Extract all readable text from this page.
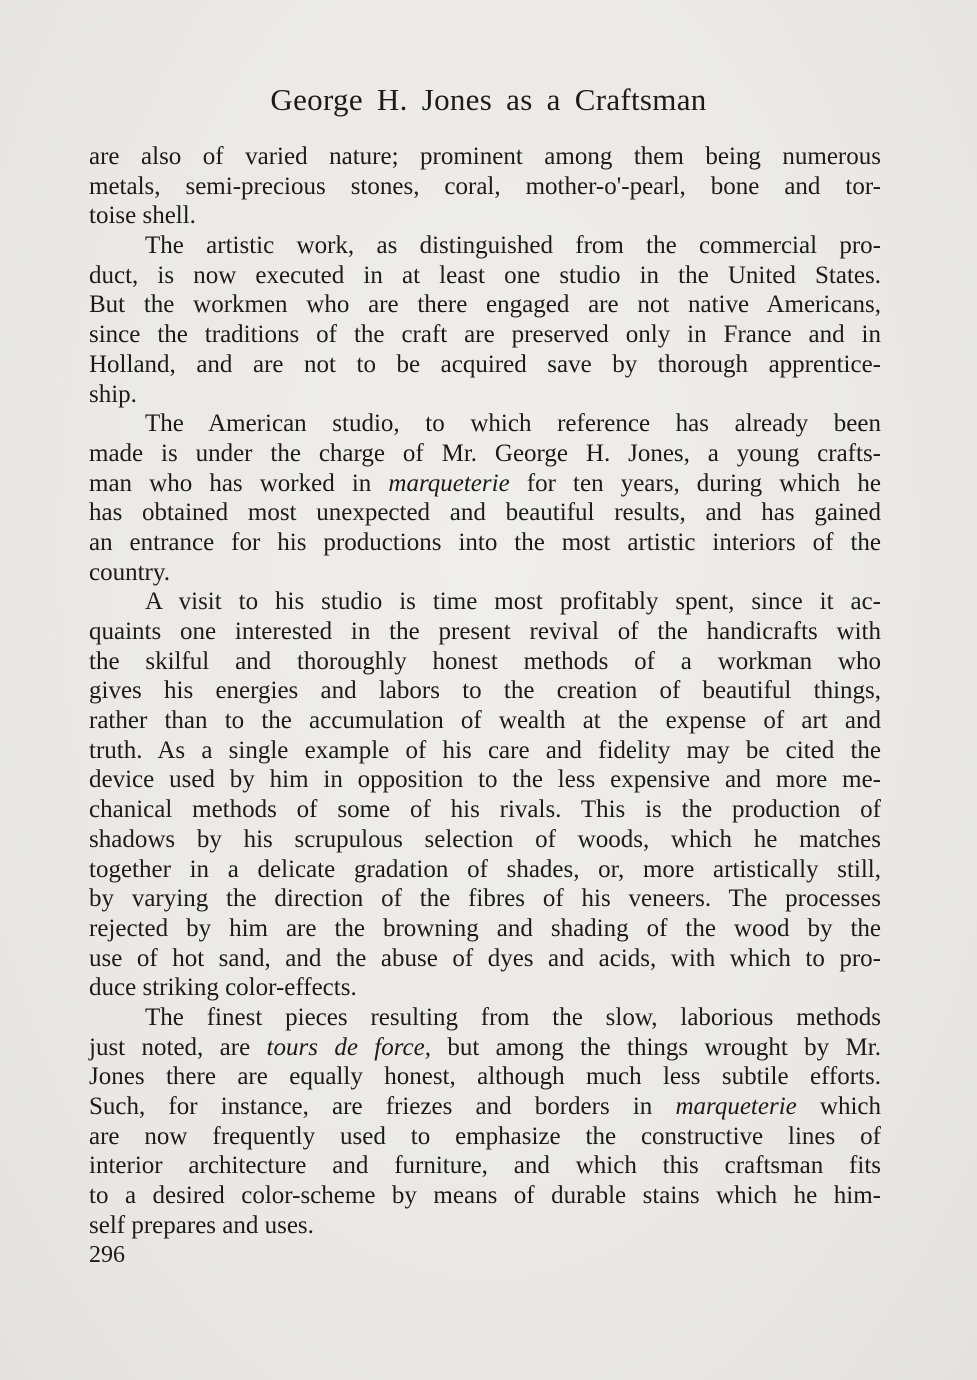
George H. Jones as a Craftsman
are also of varied nature; prominent among them being numerous
metals, semi-precious stones, coral, mother-o'-pearl, bone and tor-
toise shell.
The artistic work, as distinguished from the commercial pro-
duct, is now executed in at least one studio in the United States.
But the workmen who are there engaged are not native Americans,
since the traditions of the craft are preserved only in France and in
Holland, and are not to be acquired save by thorough apprentice-
ship.
The American studio, to which reference has already been
made is under the charge of Mr. George H. Jones, a young crafts-
man who has worked in marqueterie for ten years, during which he
has obtained most unexpected and beautiful results, and has gained
an entrance for his productions into the most artistic interiors of the
country.
A visit to his studio is time most profitably spent, since it ac-
quaints one interested in the present revival of the handicrafts with
the skilful and thoroughly honest methods of a workman who
gives his energies and labors to the creation of beautiful things,
rather than to the accumulation of wealth at the expense of art and
truth. As a single example of his care and fidelity may be cited the
device used by him in opposition to the less expensive and more me-
chanical methods of some of his rivals. This is the production of
shadows by his scrupulous selection of woods, which he matches
together in a delicate gradation of shades, or, more artistically still,
by varying the direction of the fibres of his veneers. The processes
rejected by him are the browning and shading of the wood by the
use of hot sand, and the abuse of dyes and acids, with which to pro-
duce striking color-effects.
The finest pieces resulting from the slow, laborious methods
just noted, are tours de force, but among the things wrought by Mr.
Jones there are equally honest, although much less subtile efforts.
Such, for instance, are friezes and borders in marqueterie which
are now frequently used to emphasize the constructive lines of
interior architecture and furniture, and which this craftsman fits
to a desired color-scheme by means of durable stains which he him-
self prepares and uses.
296
